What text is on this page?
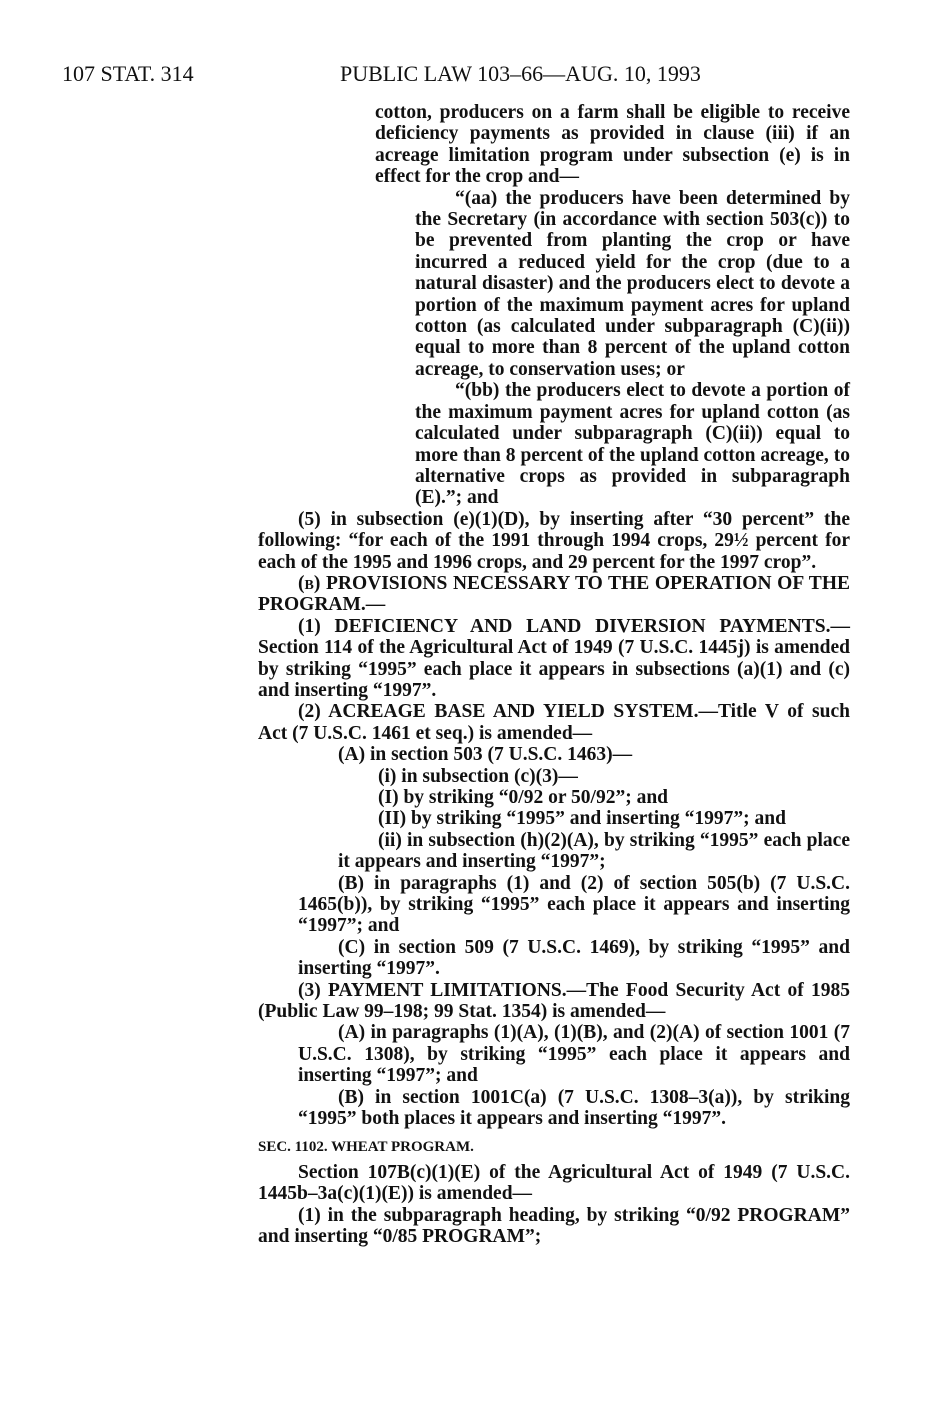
107 STAT. 314	PUBLIC LAW 103–66—AUG. 10, 1993

cotton, producers on a farm shall be eligible to receive deficiency payments as provided in clause (iii) if an acreage limitation program under subsection (e) is in effect for the crop and—

“(aa) the producers have been determined by the Secretary (in accordance with section 503(c)) to be prevented from planting the crop or have incurred a reduced yield for the crop (due to a natural disaster) and the producers elect to devote a portion of the maximum payment acres for upland cotton (as calculated under subparagraph (C)(ii)) equal to more than 8 percent of the upland cotton acreage, to conservation uses; or

“(bb) the producers elect to devote a portion of the maximum payment acres for upland cotton (as calculated under subparagraph (C)(ii)) equal to more than 8 percent of the upland cotton acreage, to alternative crops as provided in subparagraph (E).”; and

(5) in subsection (e)(1)(D), by inserting after “30 percent” the following: “for each of the 1991 through 1994 crops, 29½ percent for each of the 1995 and 1996 crops, and 29 percent for the 1997 crop”.

(b) PROVISIONS NECESSARY TO THE OPERATION OF THE PROGRAM.—

(1) DEFICIENCY AND LAND DIVERSION PAYMENTS.—Section 114 of the Agricultural Act of 1949 (7 U.S.C. 1445j) is amended by striking “1995” each place it appears in subsections (a)(1) and (c) and inserting “1997”.

(2) ACREAGE BASE AND YIELD SYSTEM.—Title V of such Act (7 U.S.C. 1461 et seq.) is amended—

(A) in section 503 (7 U.S.C. 1463)—

(i) in subsection (c)(3)—

(I) by striking “0/92 or 50/92”; and

(II) by striking “1995” and inserting “1997”; and

(ii) in subsection (h)(2)(A), by striking “1995” each place it appears and inserting “1997”;

(B) in paragraphs (1) and (2) of section 505(b) (7 U.S.C. 1465(b)), by striking “1995” each place it appears and inserting “1997”; and

(C) in section 509 (7 U.S.C. 1469), by striking “1995” and inserting “1997”.

(3) PAYMENT LIMITATIONS.—The Food Security Act of 1985 (Public Law 99–198; 99 Stat. 1354) is amended—

(A) in paragraphs (1)(A), (1)(B), and (2)(A) of section 1001 (7 U.S.C. 1308), by striking “1995” each place it appears and inserting “1997”; and

(B) in section 1001C(a) (7 U.S.C. 1308–3(a)), by striking “1995” both places it appears and inserting “1997”.

SEC. 1102. WHEAT PROGRAM.

Section 107B(c)(1)(E) of the Agricultural Act of 1949 (7 U.S.C. 1445b–3a(c)(1)(E)) is amended—

(1) in the subparagraph heading, by striking “0/92 PROGRAM” and inserting “0/85 PROGRAM”;
